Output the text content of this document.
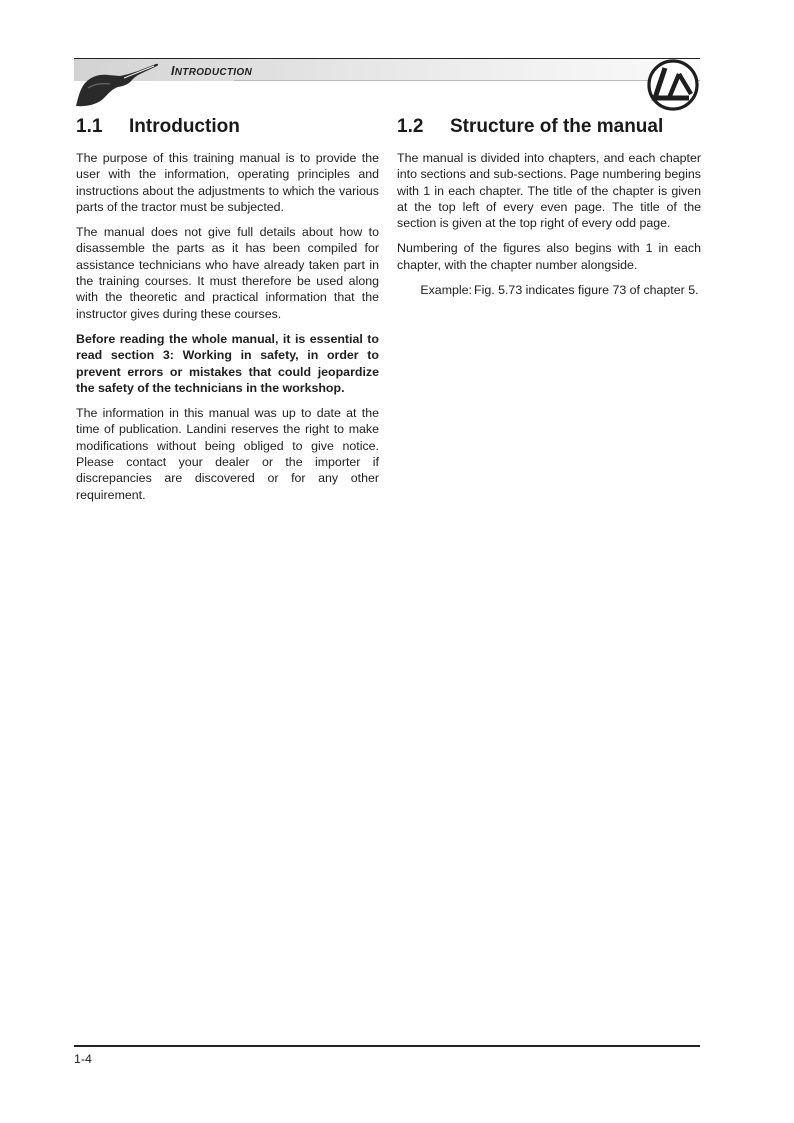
INTRODUCTION
1.1 Introduction

The purpose of this training manual is to provide the user with the information, operating principles and instructions about the adjustments to which the various parts of the tractor must be subjected.

The manual does not give full details about how to disassemble the parts as it has been compiled for assistance technicians who have already taken part in the training courses. It must therefore be used along with the theoretic and practical information that the instructor gives during these courses.

Before reading the whole manual, it is essential to read section 3: Working in safety, in order to prevent errors or mistakes that could jeopardize the safety of the technicians in the workshop.

The information in this manual was up to date at the time of publication. Landini reserves the right to make modifications without being obliged to give notice. Please contact your dealer or the importer if discrepancies are discovered or for any other requirement.

1.2 Structure of the manual

The manual is divided into chapters, and each chapter into sections and sub-sections. Page numbering begins with 1 in each chapter. The title of the chapter is given at the top left of every even page. The title of the section is given at the top right of every odd page.

Numbering of the figures also begins with 1 in each chapter, with the chapter number alongside.

Example: Fig. 5.73 indicates figure 73 of chapter 5.
1-4
